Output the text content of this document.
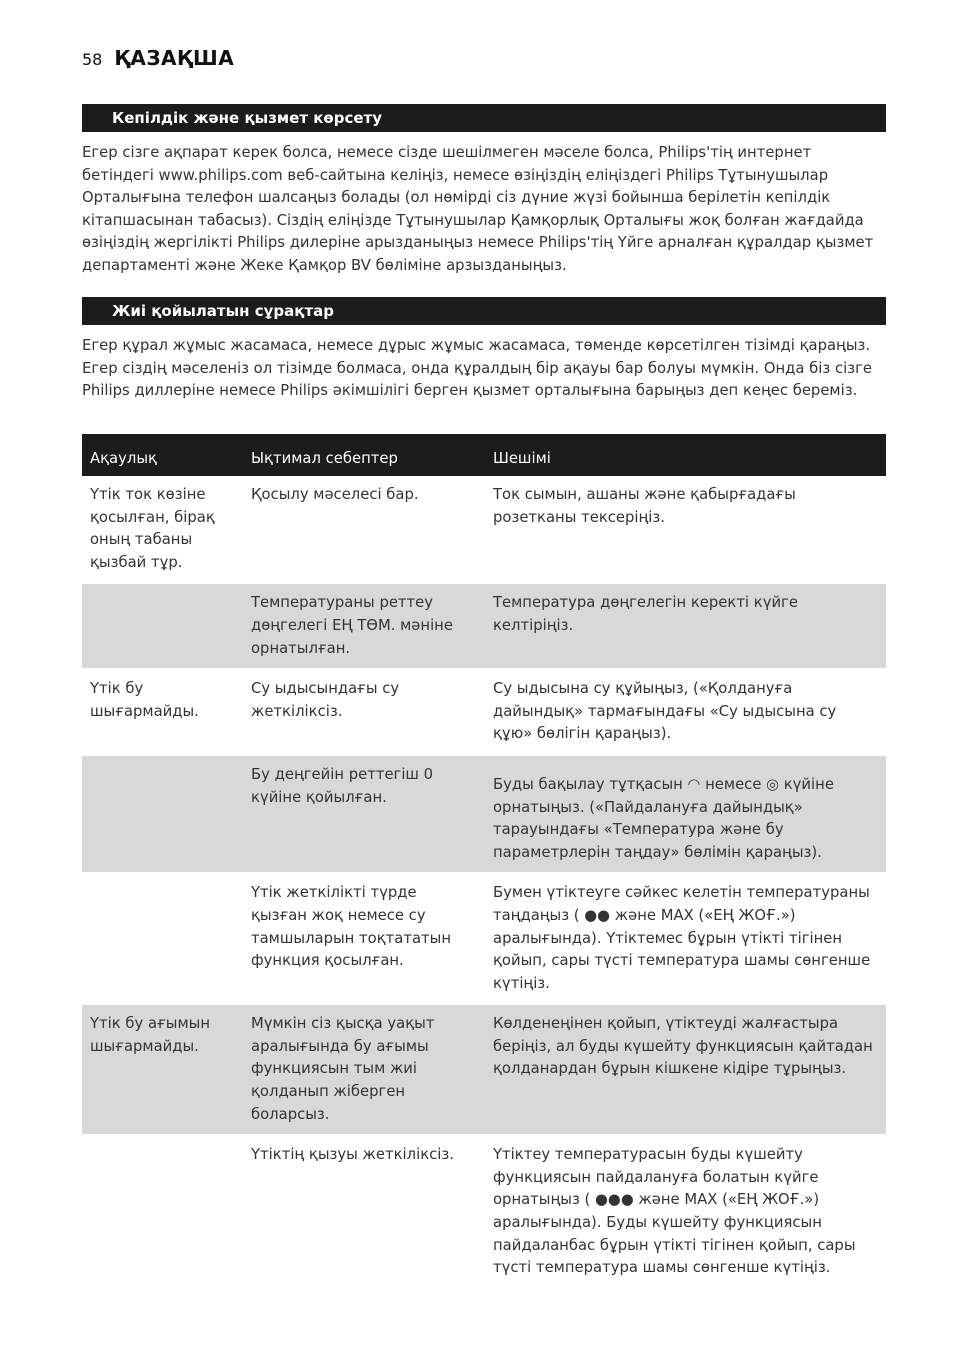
58 ҚАЗАҚША
Кепілдік және қызмет көрсету

Егер сізге ақпарат керек болса, немесе сізде шешілмеген мәселе болса, Philips'тің интернет бетіндегі www.philips.com веб-сайтына келіңіз, немесе өзіңіздің еліңіздегі Philips Тұтынушылар Орталығына телефон шалсаңыз болады (ол нөмірді сіз дүние жүзі бойынша берілетін кепілдік кітапшасынан табасыз). Сіздің еліңізде Тұтынушылар Қамқорлық Орталығы жоқ болған жағдайда өзіңіздің жергілікті Philips дилеріне арызданыңыз немесе Philips'тің Үйге арналған құралдар қызмет департаменті және Жеке Қамқор BV бөліміне арзызданыңыз.

Жиі қойылатын сұрақтар

Егер құрал жұмыс жасамаса, немесе дұрыс жұмыс жасамаса, төменде көрсетілген тізімді қараңыз. Егер сіздің мәселеніз ол тізімде болмаса, онда құралдың бір ақауы бар болуы мүмкін. Онда біз сізге Philips диллеріне немесе Philips әкімшілігі берген қызмет орталығына барыңыз деп кеңес береміз.

Ақаулық	Ықтимал себептер	Шешімі
Үтік ток көзіне қосылған, бірақ оның табаны қызбай тұр.	Қосылу мәселесі бар.	Ток сымын, ашаны және қабырғадағы розетканы тексеріңіз.
	Температураны реттеу дөңгелегі ЕҢ ТӨМ. мәніне орнатылған.	Температура дөңгелегін керекті күйге келтіріңіз.
Үтік бу шығармайды.	Су ыдысындағы су жеткіліксіз.	Су ыдысына су құйыңыз, («Қолдануға дайындық» тармағындағы «Су ыдысына су құю» бөлігін қараңыз).
	Бу деңгейін реттегіш 0 күйіне қойылған.	Буды бақылау тұтқасын ◠ немесе ◎ күйіне орнатыңыз. («Пайдалануға дайындық» тарауындағы «Температура және бу параметрлерін таңдау» бөлімін қараңыз).
	Үтік жеткілікті түрде қызған жоқ немесе су тамшыларын тоқтататын функция қосылған.	Бумен үтіктеуге сәйкес келетін температураны таңдаңыз ( ●● және MAX («ЕҢ ЖОҒ.») аралығында). Үтіктемес бұрын үтікті тігінен қойып, сары түсті температура шамы сөнгенше күтіңіз.
Үтік бу ағымын шығармайды.	Мүмкін сіз қысқа уақыт аралығында бу ағымы функциясын тым жиі қолданып жіберген боларсыз.	Көлденеңінен қойып, үтіктеуді жалғастыра беріңіз, ал буды күшейту функциясын қайтадан қолданардан бұрын кішкене кідіре тұрыңыз.
	Үтіктің қызуы жеткіліксіз.	Үтіктеу температурасын буды күшейту функциясын пайдалануға болатын күйге орнатыңыз ( ●●● және MAX («ЕҢ ЖОҒ.») аралығында). Буды күшейту функциясын пайдаланбас бұрын үтікті тігінен қойып, сары түсті температура шамы сөнгенше күтіңіз.
